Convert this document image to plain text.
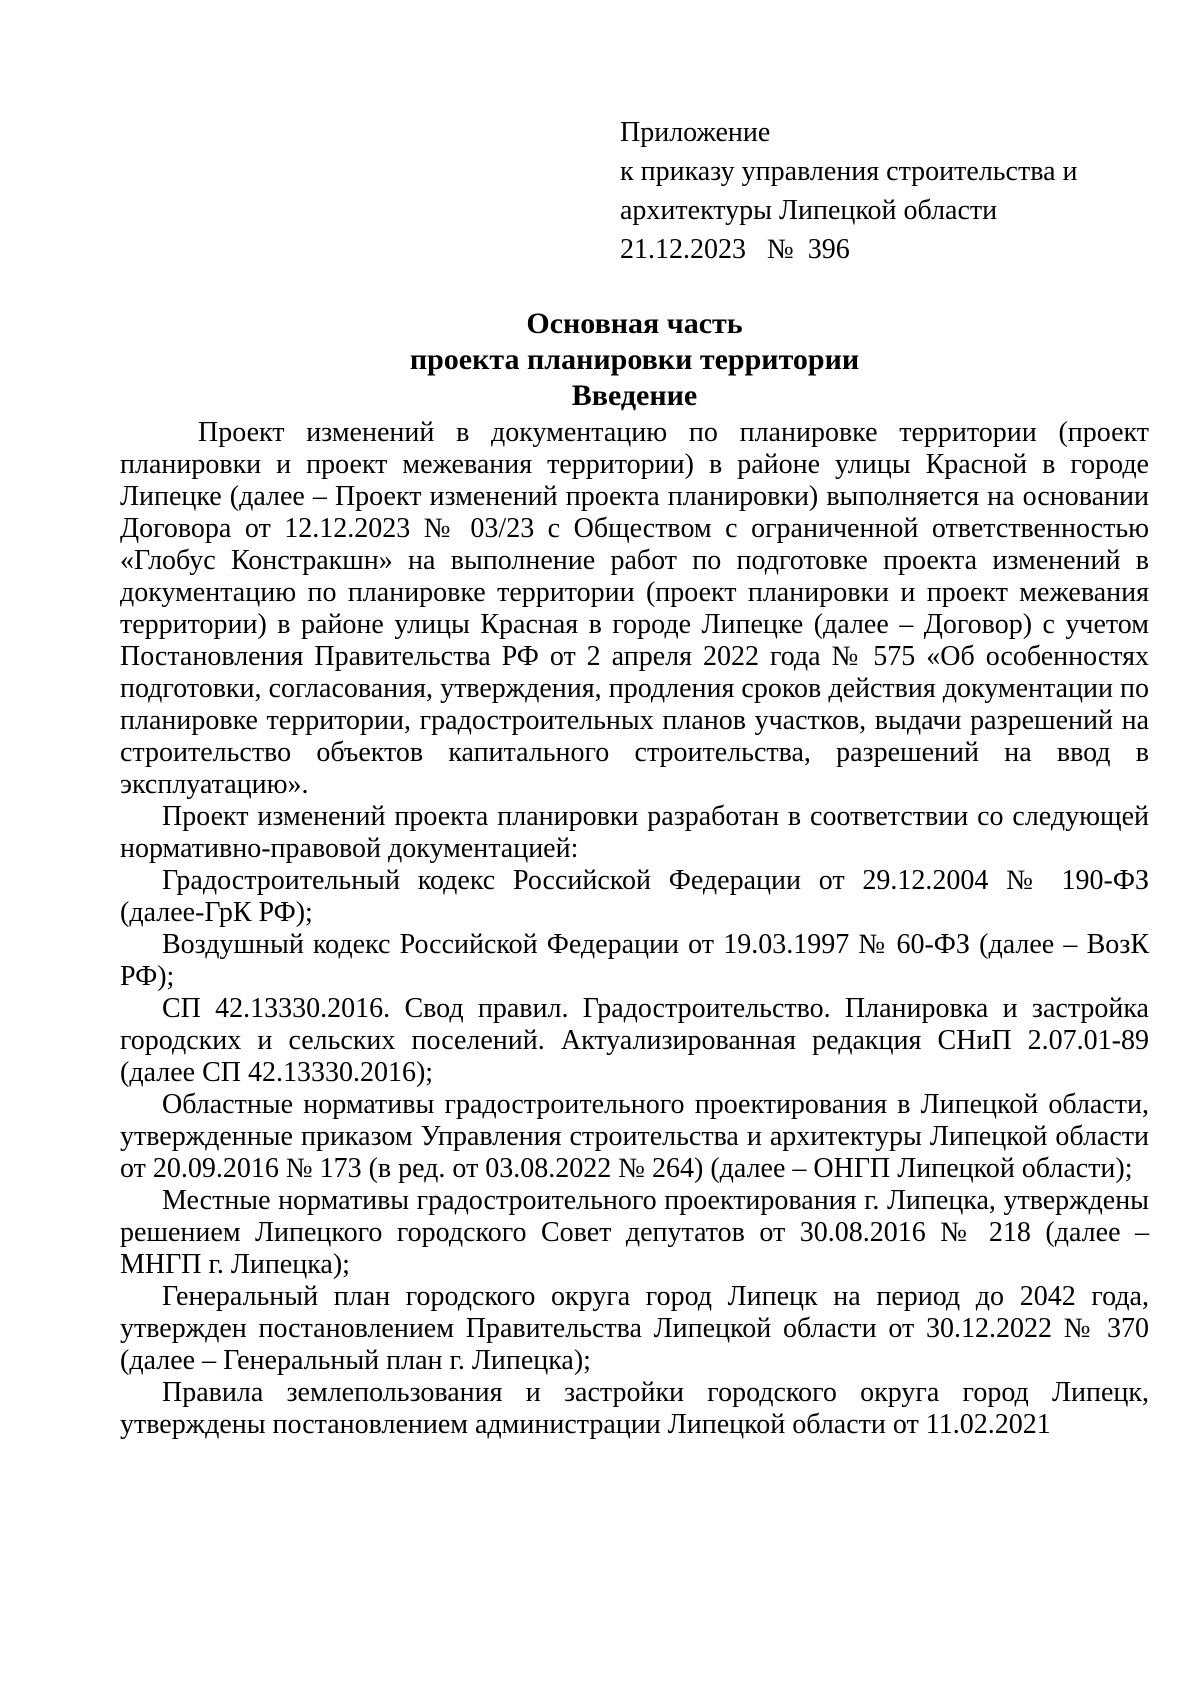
Приложение
к приказу управления строительства и
архитектуры Липецкой области
21.12.2023   №  396
Основная часть
проекта планировки территории
Введение

Проект изменений в документацию по планировке территории (проект планировки и проект межевания территории) в районе улицы Красной в городе Липецке (далее – Проект изменений проекта планировки) выполняется на основании Договора от 12.12.2023 № 03/23 с Обществом с ограниченной ответственностью «Глобус Констракшн» на выполнение работ по подготовке проекта изменений в документацию по планировке территории (проект планировки и проект межевания территории) в районе улицы Красная в городе Липецке (далее – Договор) с учетом Постановления Правительства РФ от 2 апреля 2022 года № 575 «Об особенностях подготовки, согласования, утверждения, продления сроков действия документации по планировке территории, градостроительных планов участков, выдачи разрешений на строительство объектов капитального строительства, разрешений на ввод в эксплуатацию».

Проект изменений проекта планировки разработан в соответствии со следующей нормативно-правовой документацией:

Градостроительный кодекс Российской Федерации от 29.12.2004 № 190-ФЗ (далее-ГрК РФ);

Воздушный кодекс Российской Федерации от 19.03.1997 № 60-ФЗ (далее – ВозК РФ);

СП 42.13330.2016. Свод правил. Градостроительство. Планировка и застройка городских и сельских поселений. Актуализированная редакция СНиП 2.07.01-89 (далее СП 42.13330.2016);

Областные нормативы градостроительного проектирования в Липецкой области, утвержденные приказом Управления строительства и архитектуры Липецкой области от 20.09.2016 № 173 (в ред. от 03.08.2022 № 264) (далее – ОНГП Липецкой области);

Местные нормативы градостроительного проектирования г. Липецка, утверждены решением Липецкого городского Совет депутатов от 30.08.2016 № 218 (далее – МНГП г. Липецка);

Генеральный план городского округа город Липецк на период до 2042 года, утвержден постановлением Правительства Липецкой области от 30.12.2022 № 370 (далее – Генеральный план г. Липецка);

Правила землепользования и застройки городского округа город Липецк, утверждены постановлением администрации Липецкой области от 11.02.2021
